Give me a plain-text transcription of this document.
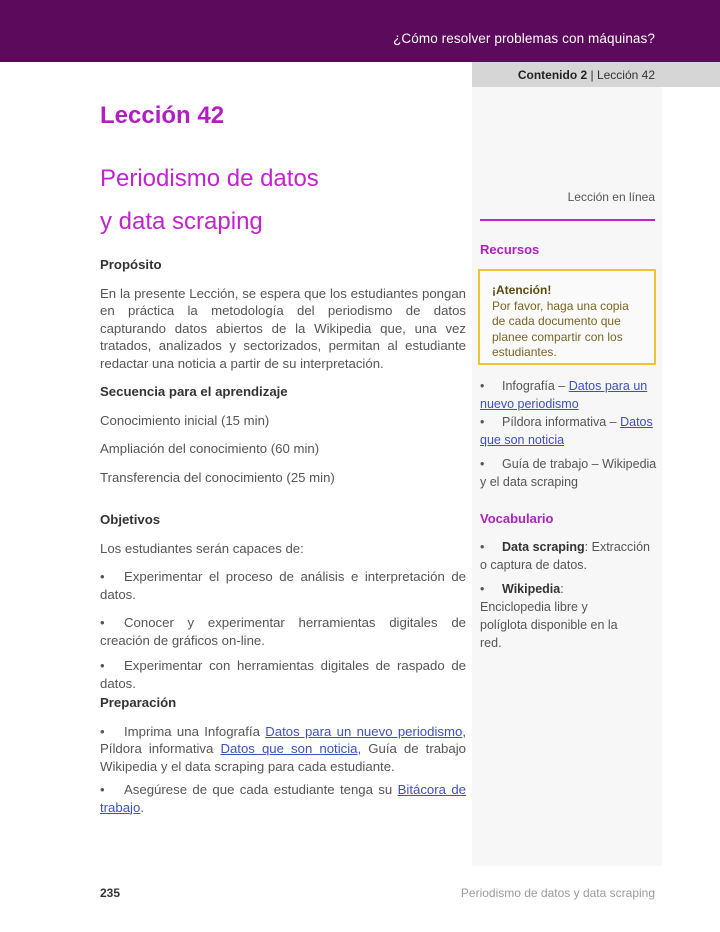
¿Cómo resolver problemas con máquinas?
Contenido 2 | Lección 42
Lección 42
Periodismo de datos
y data scraping
Propósito

En la presente Lección, se espera que los estudiantes pongan en práctica la metodología del periodismo de datos capturando datos abiertos de la Wikipedia que, una vez tratados, analizados y sectorizados, permitan al estudiante redactar una noticia a partir de su interpretación.

Secuencia para el aprendizaje

Conocimiento inicial (15 min)

Ampliación del conocimiento (60 min)

Transferencia del conocimiento (25 min)

Objetivos

Los estudiantes serán capaces de:

• Experimentar el proceso de análisis e interpretación de datos.

• Conocer y experimentar herramientas digitales de creación de gráficos on-line.

• Experimentar con herramientas digitales de raspado de datos.

Preparación

• Imprima una Infografía Datos para un nuevo periodismo, Píldora informativa Datos que son noticia, Guía de trabajo Wikipedia y el data scraping para cada estudiante.

• Asegúrese de que cada estudiante tenga su Bitácora de trabajo.

Lección en línea
Recursos
¡Atención!
Por favor, haga una copia de cada documento que planee compartir con los estudiantes.
• Infografía – Datos para un nuevo periodismo
• Píldora informativa – Datos que son noticia
• Guía de trabajo – Wikipedia y el data scraping
Vocabulario
• Data scraping: Extracción o captura de datos.
• Wikipedia: Enciclopedia libre y políglota disponible en la red.
235	Periodismo de datos y data scraping
